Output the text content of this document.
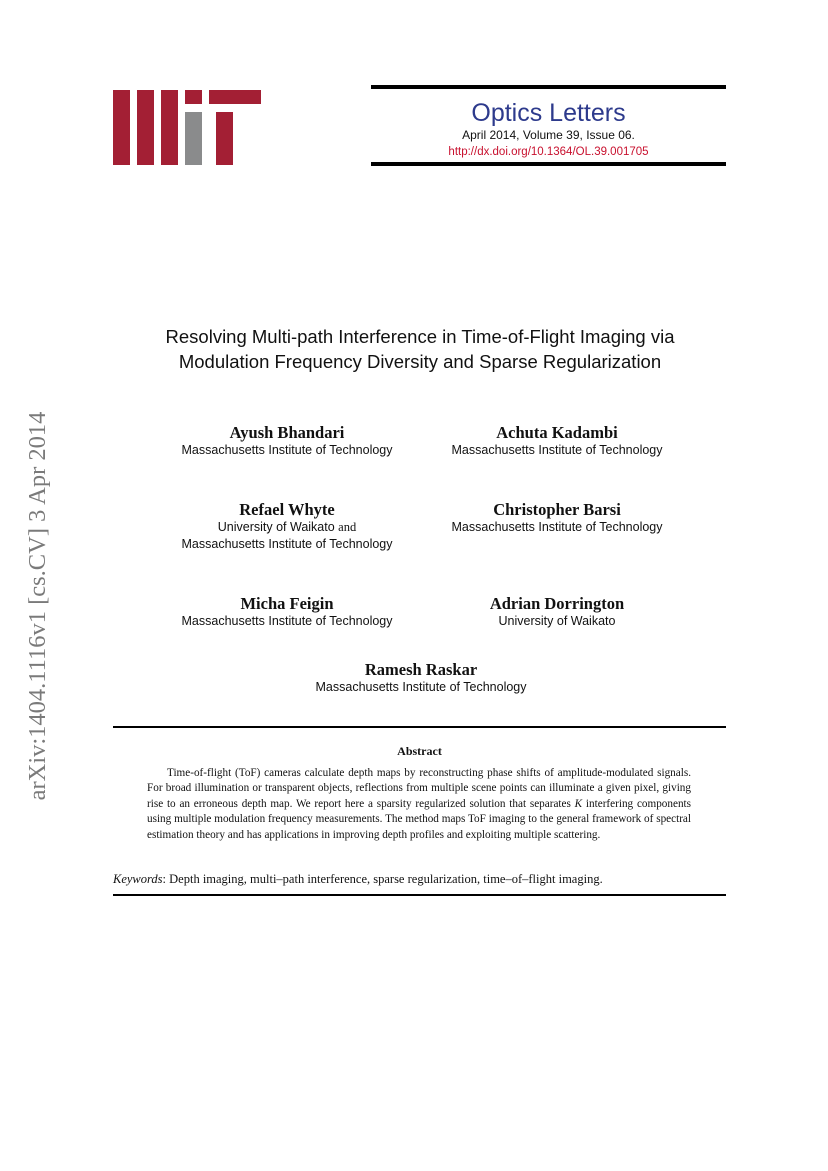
Optics Letters
April 2014, Volume 39, Issue 06.
http://dx.doi.org/10.1364/OL.39.001705
arXiv:1404.1116v1 [cs.CV] 3 Apr 2014
Resolving Multi-path Interference in Time-of-Flight Imaging via
Modulation Frequency Diversity and Sparse Regularization
Ayush Bhandari
Massachusetts Institute of Technology
Achuta Kadambi
Massachusetts Institute of Technology
Refael Whyte
University of Waikato and
Massachusetts Institute of Technology
Christopher Barsi
Massachusetts Institute of Technology
Micha Feigin
Massachusetts Institute of Technology
Adrian Dorrington
University of Waikato
Ramesh Raskar
Massachusetts Institute of Technology
Abstract
Time-of-flight (ToF) cameras calculate depth maps by reconstructing phase shifts of amplitude-modulated signals. For broad illumination or transparent objects, reflections from multiple scene points can illuminate a given pixel, giving rise to an erroneous depth map. We report here a sparsity regularized solution that separates K interfering components using multiple modulation frequency measurements. The method maps ToF imaging to the general framework of spectral estimation theory and has applications in improving depth profiles and exploiting multiple scattering.
Keywords: Depth imaging, multi–path interference, sparse regularization, time–of–flight imaging.
